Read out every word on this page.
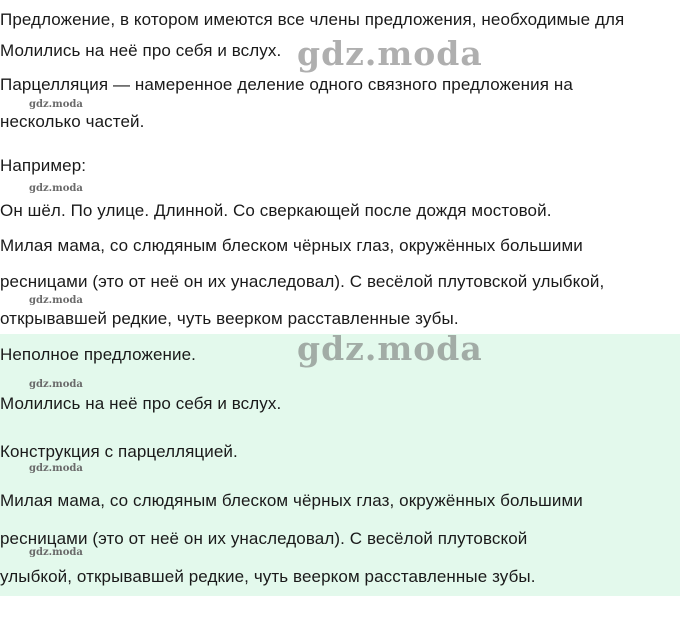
Предложение, в котором имеются все члены предложения, необходимые для
Молились на неё про себя и вслух.
Парцелляция — намеренное деление одного связного предложения на
несколько частей.
Например:
Он шёл. По улице. Длинной. Со сверкающей после дождя мостовой.
Милая мама, со слюдяным блеском чёрных глаз, окружённых большими
ресницами (это от неё он их унаследовал). С весёлой плутовской улыбкой,
открывавшей редкие, чуть веерком расставленные зубы.
Неполное предложение.
Молились на неё про себя и вслух.
Конструкция с парцелляцией.
Милая мама, со слюдяным блеском чёрных глаз, окружённых большими
ресницами (это от неё он их унаследовал). С весёлой плутовской
улыбкой, открывавшей редкие, чуть веерком расставленные зубы.
gdz.moda
gdz.moda
gdz.moda
gdz.moda
gdz.moda
gdz.moda
gdz.moda
gdz.moda
